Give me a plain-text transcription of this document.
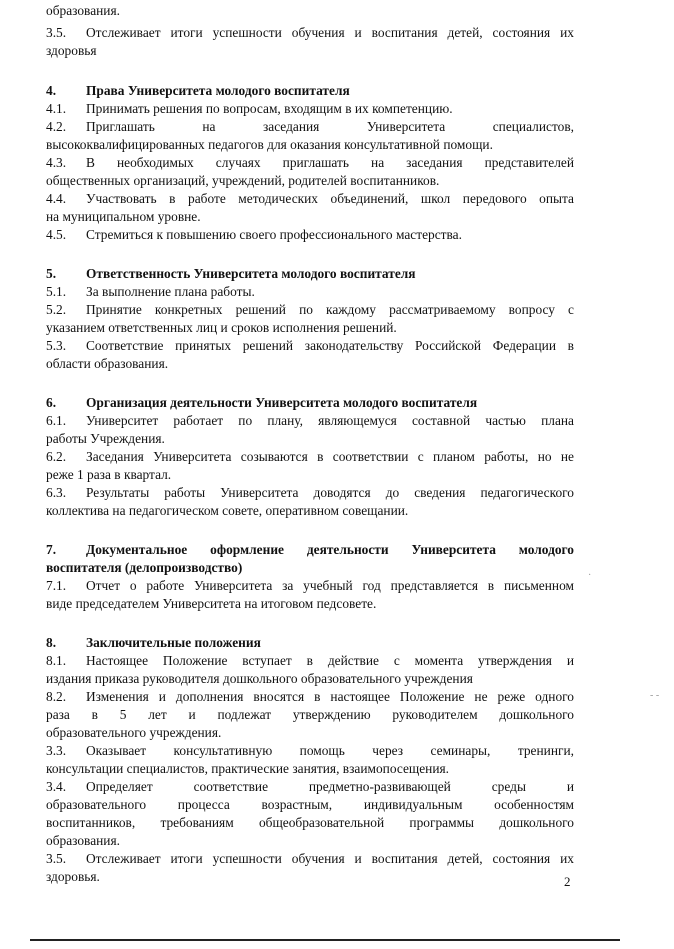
образования.
3.5. Отслеживает итоги успешности обучения и воспитания детей, состояния их
здоровья
4. Права Университета молодого воспитателя
4.1. Принимать решения по вопросам, входящим в их компетенцию.
4.2. Приглашать на заседания Университета специалистов,
высококвалифицированных педагогов для оказания консультативной помощи.
4.3. В необходимых случаях приглашать на заседания представителей
общественных организаций, учреждений, родителей воспитанников.
4.4. Участвовать в работе методических объединений, школ передового опыта
на муниципальном уровне.
4.5. Стремиться к повышению своего профессионального мастерства.
5. Ответственность Университета молодого воспитателя
5.1. За выполнение плана работы.
5.2. Принятие конкретных решений по каждому рассматриваемому вопросу с
указанием ответственных лиц и сроков исполнения решений.
5.3. Соответствие принятых решений законодательству Российской Федерации в
области образования.
6. Организация деятельности Университета молодого воспитателя
6.1. Университет работает по плану, являющемуся составной частью плана
работы Учреждения.
6.2. Заседания Университета созываются в соответствии с планом работы, но не
реже 1 раза в квартал.
6.3. Результаты работы Университета доводятся до сведения педагогического
коллектива на педагогическом совете, оперативном совещании.
7. Документальное оформление деятельности Университета молодого
воспитателя (делопроизводство)
7.1. Отчет о работе Университета за учебный год представляется в письменном
виде председателем Университета на итоговом педсовете.
8. Заключительные положения
8.1. Настоящее Положение вступает в действие с момента утверждения и
издания приказа руководителя дошкольного образовательного учреждения
8.2. Изменения и дополнения вносятся в настоящее Положение не реже одного
раза в 5 лет и подлежат утверждению руководителем дошкольного
образовательного учреждения.
3.3. Оказывает консультативную помощь через семинары, тренинги,
консультации специалистов, практические занятия, взаимопосещения.
3.4. Определяет соответствие предметно-развивающей среды и
образовательного процесса возрастным, индивидуальным особенностям
воспитанников, требованиям общеобразовательной программы дошкольного
образования.
3.5. Отслеживает итоги успешности обучения и воспитания детей, состояния их
здоровья.	2
·
- -
